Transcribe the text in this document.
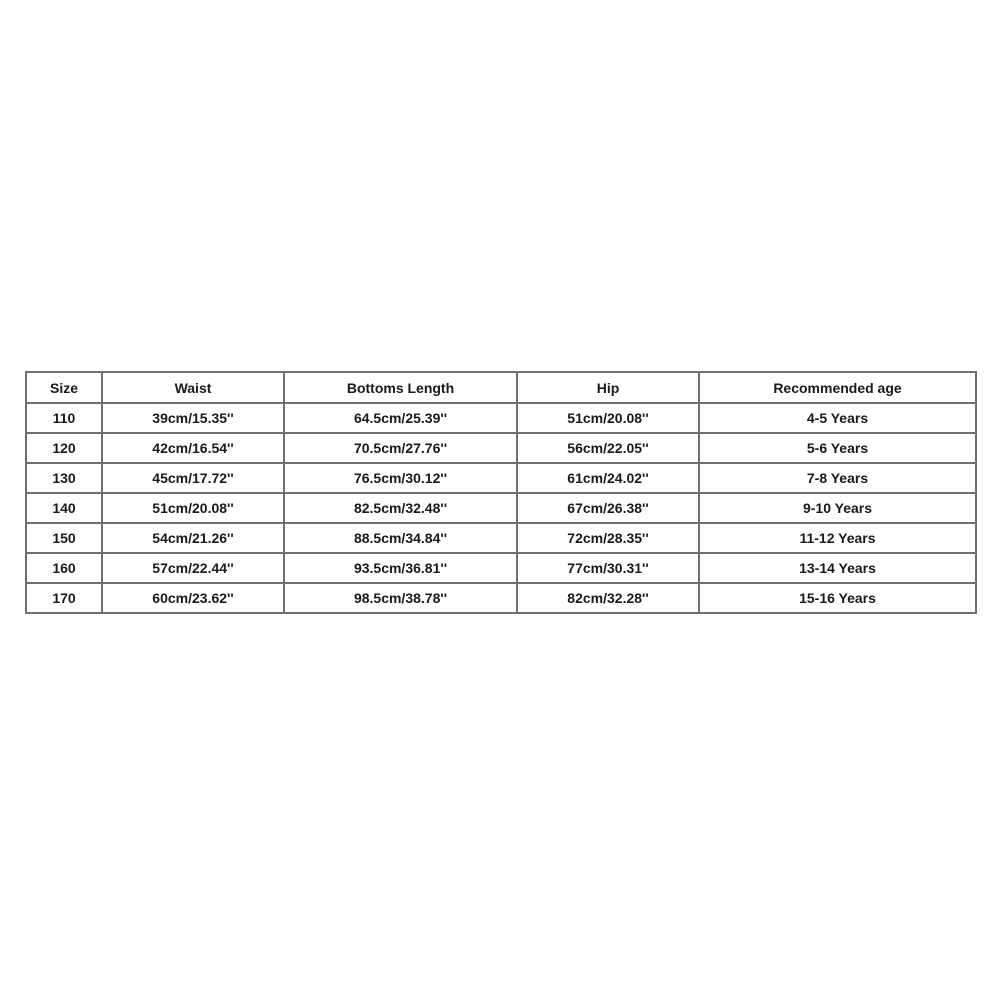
Size	Waist	Bottoms Length	Hip	Recommended age
110	39cm/15.35''	64.5cm/25.39''	51cm/20.08''	4-5 Years
120	42cm/16.54''	70.5cm/27.76''	56cm/22.05''	5-6 Years
130	45cm/17.72''	76.5cm/30.12''	61cm/24.02''	7-8 Years
140	51cm/20.08''	82.5cm/32.48''	67cm/26.38''	9-10 Years
150	54cm/21.26''	88.5cm/34.84''	72cm/28.35''	11-12 Years
160	57cm/22.44''	93.5cm/36.81''	77cm/30.31''	13-14 Years
170	60cm/23.62''	98.5cm/38.78''	82cm/32.28''	15-16 Years
